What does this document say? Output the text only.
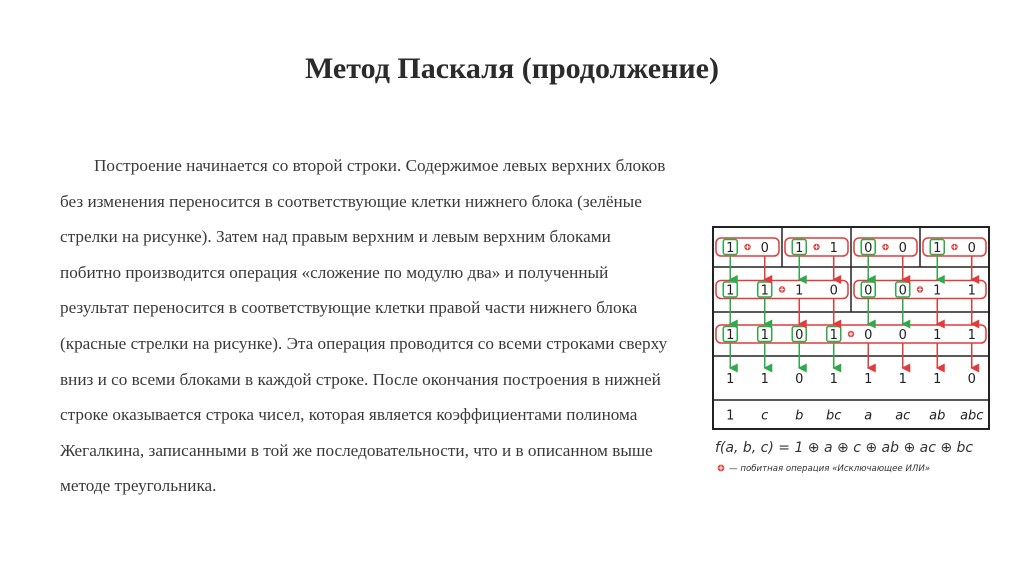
Метод Паскаля (продолжение)
Построение начинается со второй строки. Содержимое левых верхних блоков без изменения переносится в соответствующие клетки нижнего блока (зелёные стрелки на рисунке). Затем над правым верхним и левым верхним блоками побитно производится операция «сложение по модулю два» и полученный результат переносится в соответствующие клетки правой части нижнего блока (красные стрелки на рисунке). Эта операция проводится со всеми строками сверху вниз и со всеми блоками в каждой строке. После окончания построения в нижней строке оказывается строка чисел, которая является коэффициентами полинома Жегалкина, записанными в той же последовательности, что и в описанном выше методе треугольника.
1 0 1 1 0 0 1 0
1 1 1 0 0 0 1 1
1 1 0 1 0 0 1 1
1 1 0 1 1 1 1 0
1 c b bc a ac ab abc
f(a, b, c) = 1 ⊕ a ⊕ c ⊕ ab ⊕ ac ⊕ bc
— побитная операция «Исключающее ИЛИ»
